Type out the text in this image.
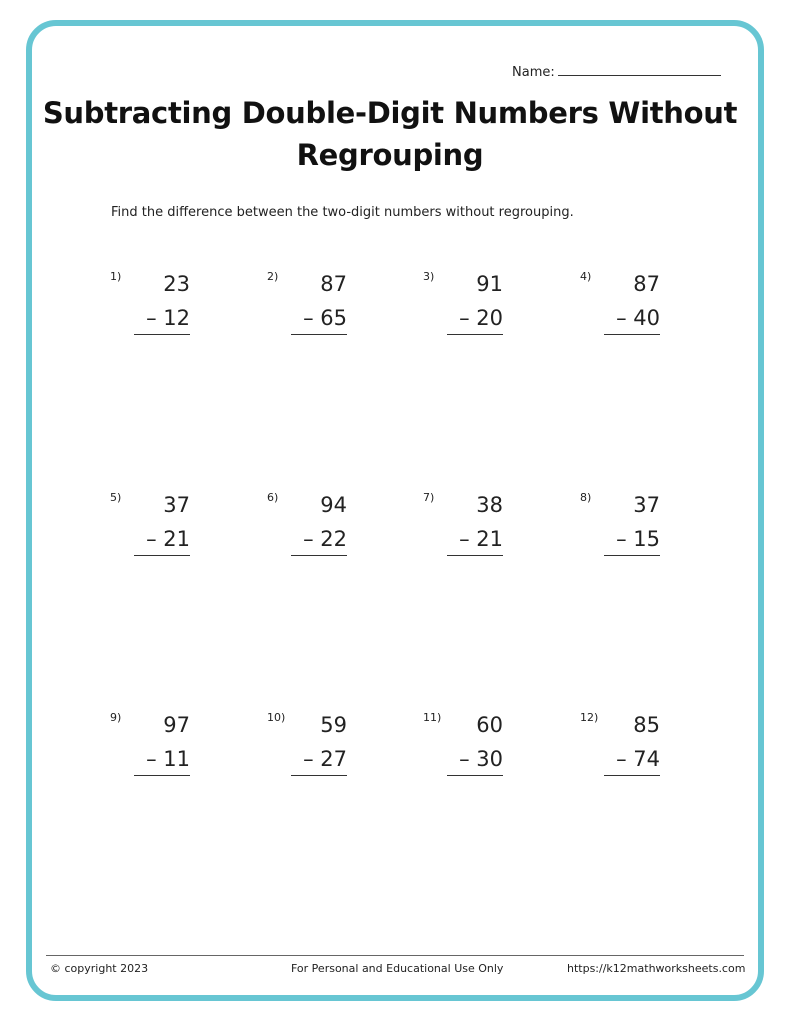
Name:
Subtracting Double-Digit Numbers Without Regrouping
Find the difference between the two-digit numbers without regrouping.
1) 23
– 12
2) 87
– 65
3) 91
– 20
4) 87
– 40
5) 37
– 21
6) 94
– 22
7) 38
– 21
8) 37
– 15
9) 97
– 11
10) 59
– 27
11) 60
– 30
12) 85
– 74
© copyright 2023	For Personal and Educational Use Only	https://k12mathworksheets.com
